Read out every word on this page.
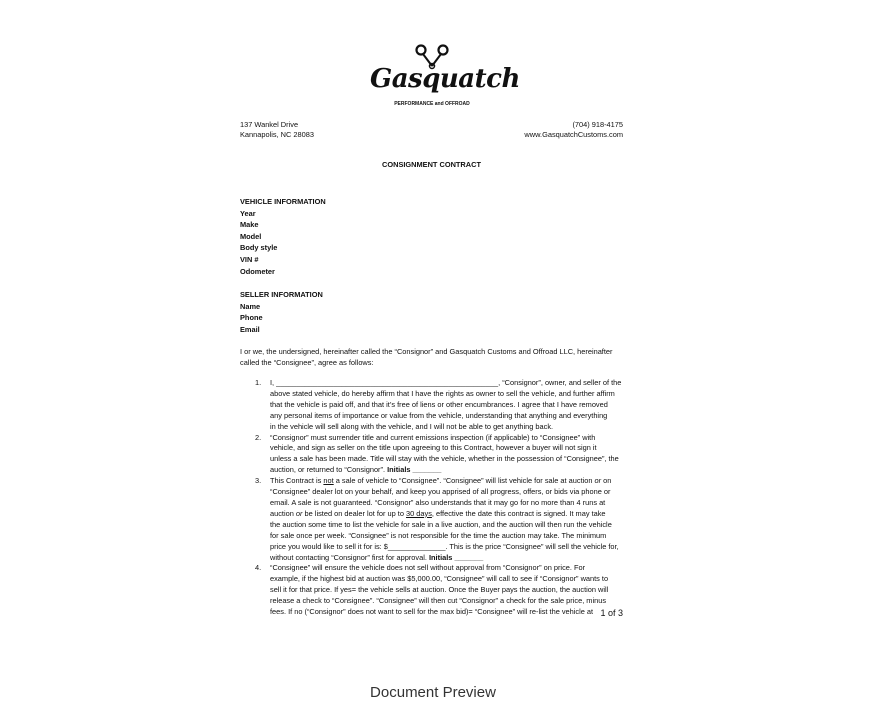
Gasquatch
PERFORMANCE and OFFROAD
137 Wankel Drive
Kannapolis, NC 28083
(704) 918-4175
www.GasquatchCustoms.com
CONSIGNMENT CONTRACT
VEHICLE INFORMATION
Year
Make
Model
Body style
VIN #
Odometer
SELLER INFORMATION
Name
Phone
Email
I or we, the undersigned, hereinafter called the “Consignor” and Gasquatch Customs and Offroad LLC, hereinafter
called the “Consignee”, agree as follows:
1. I, ______________________________________________________, “Consignor”, owner, and seller of the
above stated vehicle, do hereby affirm that I have the rights as owner to sell the vehicle, and further affirm
that the vehicle is paid off, and that it’s free of liens or other encumbrances. I agree that I have removed
any personal items of importance or value from the vehicle, understanding that anything and everything
in the vehicle will sell along with the vehicle, and I will not be able to get anything back.
2. “Consignor” must surrender title and current emissions inspection (if applicable) to “Consignee” with
vehicle, and sign as seller on the title upon agreeing to this Contract, however a buyer will not sign it
unless a sale has been made. Title will stay with the vehicle, whether in the possession of “Consignee”, the
auction, or returned to “Consignor”. Initials _______
3. This Contract is not a sale of vehicle to “Consignee”. “Consignee” will list vehicle for sale at auction or on
“Consignee” dealer lot on your behalf, and keep you apprised of all progress, offers, or bids via phone or
email. A sale is not guaranteed. “Consignor” also understands that it may go for no more than 4 runs at
auction or be listed on dealer lot for up to 30 days, effective the date this contract is signed. It may take
the auction some time to list the vehicle for sale in a live auction, and the auction will then run the vehicle
for sale once per week. “Consignee” is not responsible for the time the auction may take. The minimum
price you would like to sell it for is: $______________. This is the price “Consignee” will sell the vehicle for,
without contacting “Consignor” first for approval. Initials _______
4. “Consignee” will ensure the vehicle does not sell without approval from “Consignor” on price. For
example, if the highest bid at auction was $5,000.00, “Consignee” will call to see if “Consignor” wants to
sell it for that price. If yes= the vehicle sells at auction. Once the Buyer pays the auction, the auction will
release a check to “Consignee”. “Consignee” will then cut “Consignor” a check for the sale price, minus
fees. If no (“Consignor” does not want to sell for the max bid)= “Consignee” will re-list the vehicle at 1 of 3
Document Preview
